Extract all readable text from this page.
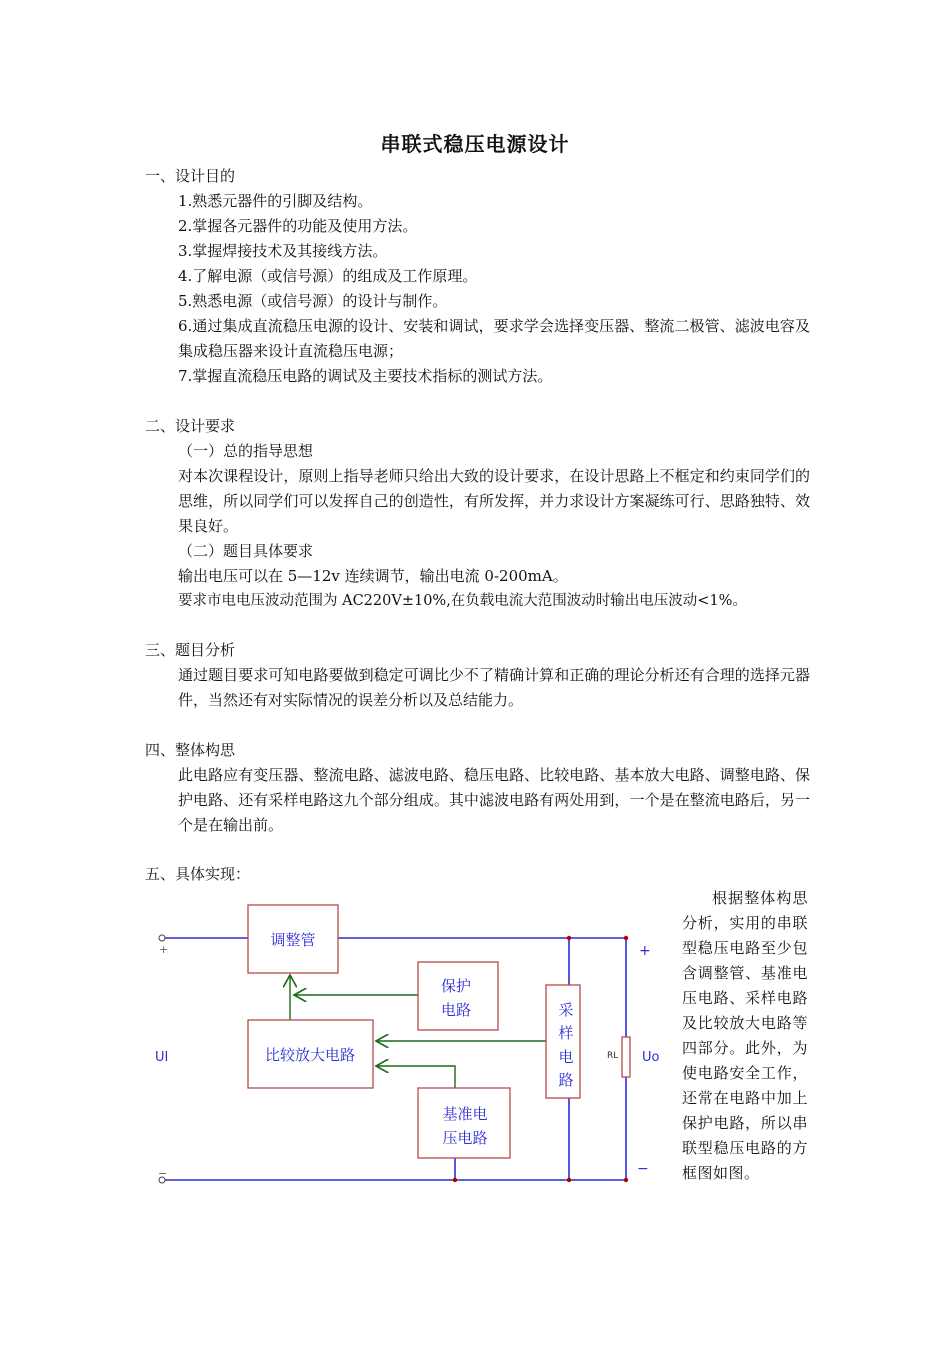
串联式稳压电源设计
一、设计目的

1.熟悉元器件的引脚及结构。

2.掌握各元器件的功能及使用方法。

3.掌握焊接技术及其接线方法。

4.了解电源（或信号源）的组成及工作原理。

5.熟悉电源（或信号源）的设计与制作。

6.通过集成直流稳压电源的设计、安装和调试，要求学会选择变压器、整流二极管、滤波电容及集成稳压器来设计直流稳压电源；

7.掌握直流稳压电路的调试及主要技术指标的测试方法。

二、设计要求

（一）总的指导思想

对本次课程设计，原则上指导老师只给出大致的设计要求，在设计思路上不框定和约束同学们的思维，所以同学们可以发挥自己的创造性，有所发挥，并力求设计方案凝练可行、思路独特、效果良好。

（二）题目具体要求

输出电压可以在 5—12v 连续调节，输出电流 0-200mA。

要求市电电压波动范围为 AC220V±10%,在负载电流大范围波动时输出电压波动<1%。

三、题目分析

通过题目要求可知电路要做到稳定可调比少不了精确计算和正确的理论分析还有合理的选择元器件，当然还有对实际情况的误差分析以及总结能力。

四、整体构思

此电路应有变压器、整流电路、滤波电路、稳压电路、比较电路、基本放大电路、调整电路、保护电路、还有采样电路这九个部分组成。其中滤波电路有两处用到，一个是在整流电路后，另一个是在输出前。

五、具体实现：
根据整体构思分析，实用的串联型稳压电路至少包含调整管、基准电压电路、采样电路及比较放大电路等四部分。此外，为使电路安全工作，还常在电路中加上保护电路，所以串联型稳压电路的方框图如图。
调整管
保护
电路
比较放大电路
基准电
压电路
采
样
电
路
UI	Uo
RL
+
−
+
−
